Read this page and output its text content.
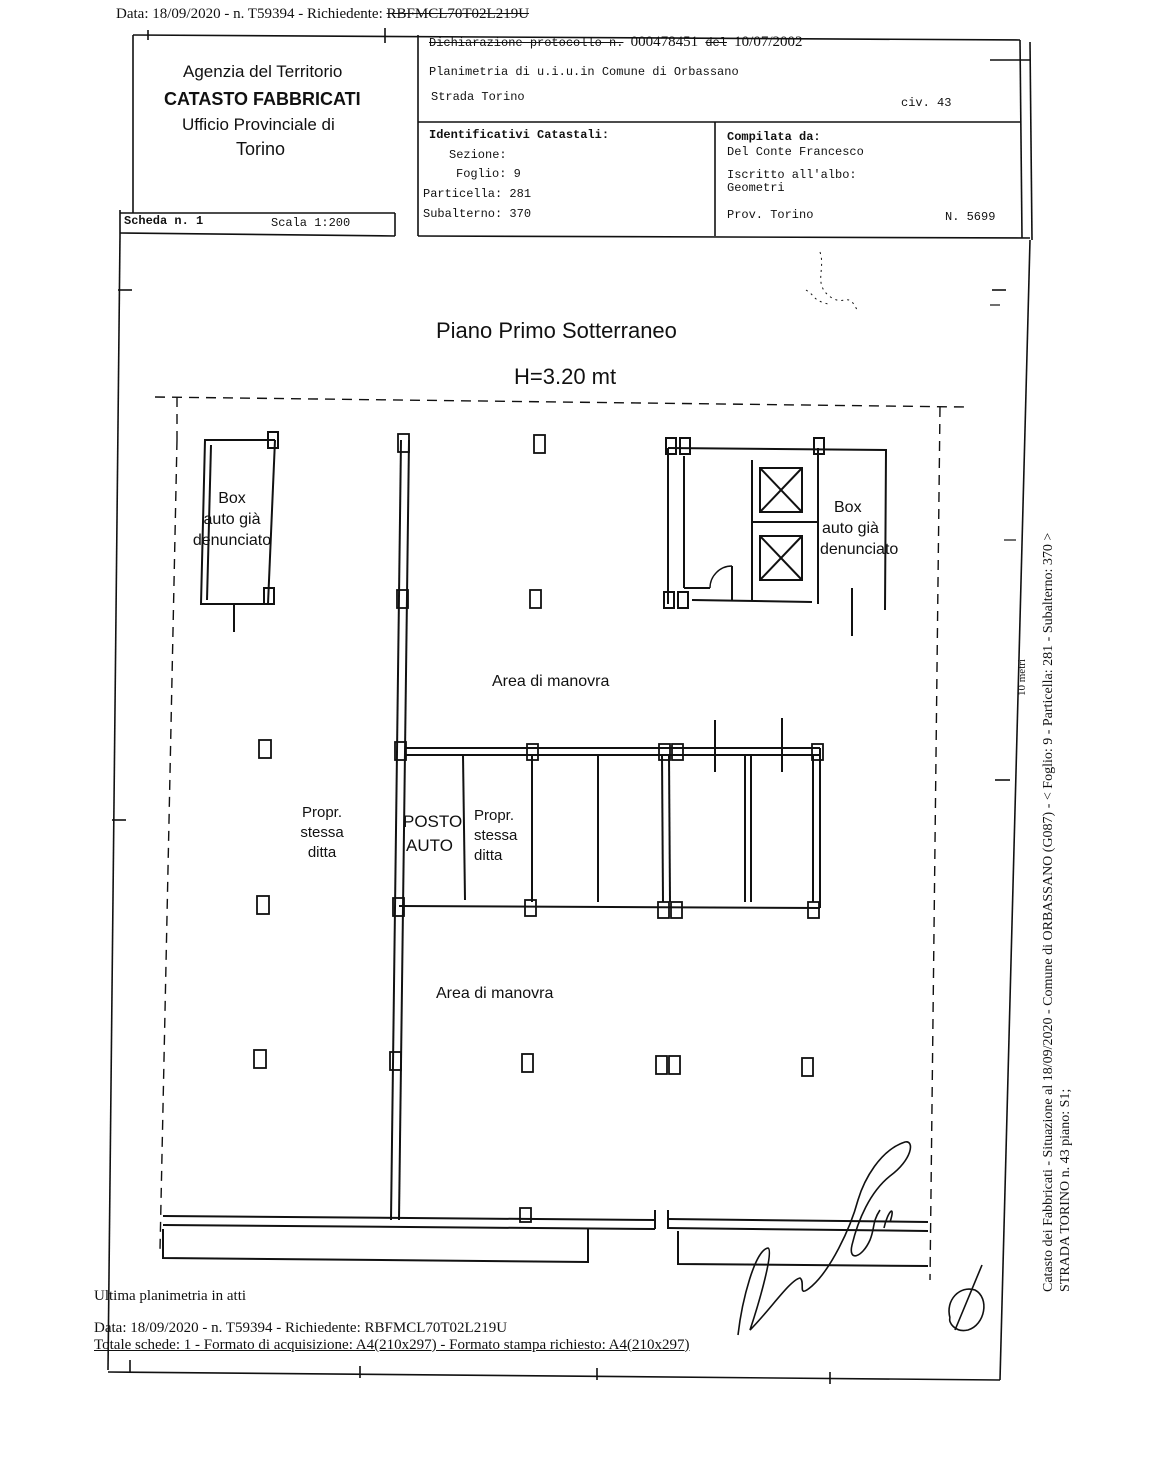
Data: 18/09/2020 - n. T59394 - Richiedente: RBFMCL70T02L219U
Agenzia del Territorio
CATASTO FABBRICATI
Ufficio Provinciale di
Torino
Dichiarazione protocollo n. 000478451 del 10/07/2002
Planimetria di u.i.u.in Comune di Orbassano
Strada Torino	civ. 43
Identificativi Catastali:
Sezione:
Foglio: 9
Particella: 281
Subalterno: 370
Compilata da:
Del Conte Francesco
Iscritto all'albo:
Geometri
Prov. Torino	N. 5699
Scheda n. 1	Scala 1:200
Piano Primo Sotterraneo
H=3.20 mt
Box
auto già
denunciato
Box
auto già
denunciato
Area di manovra
Area di manovra
Propr.
stessa
ditta
POSTO
AUTO
Propr.
stessa
ditta
10 metri
Ultima planimetria in atti
Data: 18/09/2020 - n. T59394 - Richiedente: RBFMCL70T02L219U
Totale schede: 1 - Formato di acquisizione: A4(210x297) - Formato stampa richiesto: A4(210x297)
Catasto dei Fabbricati - Situazione al 18/09/2020 - Comune di ORBASSANO (G087) - < Foglio: 9 - Particella: 281 - Subalterno: 370 > STRADA TORINO n. 43 piano: S1;
